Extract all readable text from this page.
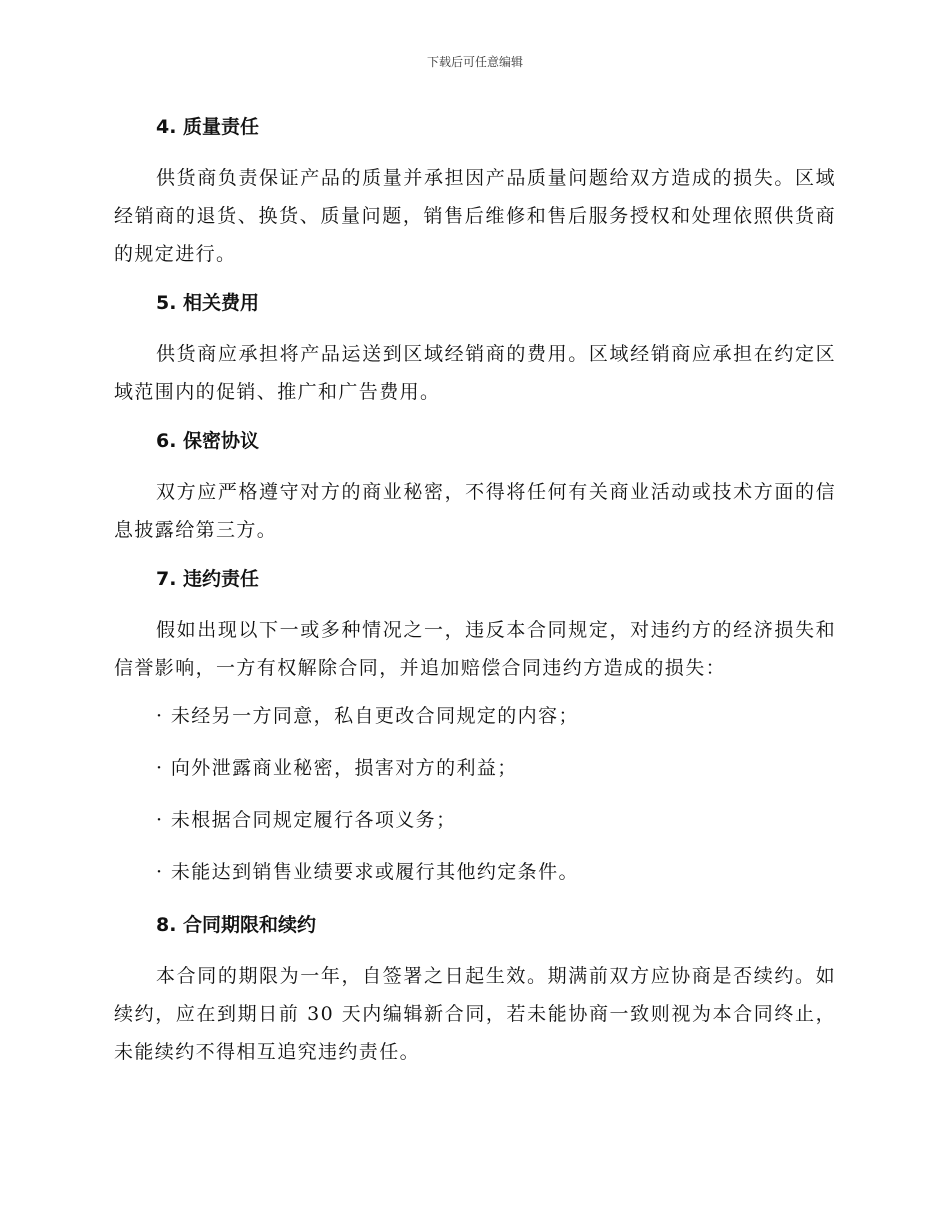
下载后可任意编辑
4. 质量责任

供货商负责保证产品的质量并承担因产品质量问题给双方造成的损失。区域经销商的退货、换货、质量问题，销售后维修和售后服务授权和处理依照供货商的规定进行。

5. 相关费用

供货商应承担将产品运送到区域经销商的费用。区域经销商应承担在约定区域范围内的促销、推广和广告费用。

6. 保密协议

双方应严格遵守对方的商业秘密，不得将任何有关商业活动或技术方面的信息披露给第三方。

7. 违约责任

假如出现以下一或多种情况之一，违反本合同规定，对违约方的经济损失和信誉影响，一方有权解除合同，并追加赔偿合同违约方造成的损失：

· 未经另一方同意，私自更改合同规定的内容；

· 向外泄露商业秘密，损害对方的利益；

· 未根据合同规定履行各项义务；

· 未能达到销售业绩要求或履行其他约定条件。

8. 合同期限和续约

本合同的期限为一年，自签署之日起生效。期满前双方应协商是否续约。如续约，应在到期日前 30 天内编辑新合同，若未能协商一致则视为本合同终止，未能续约不得相互追究违约责任。
